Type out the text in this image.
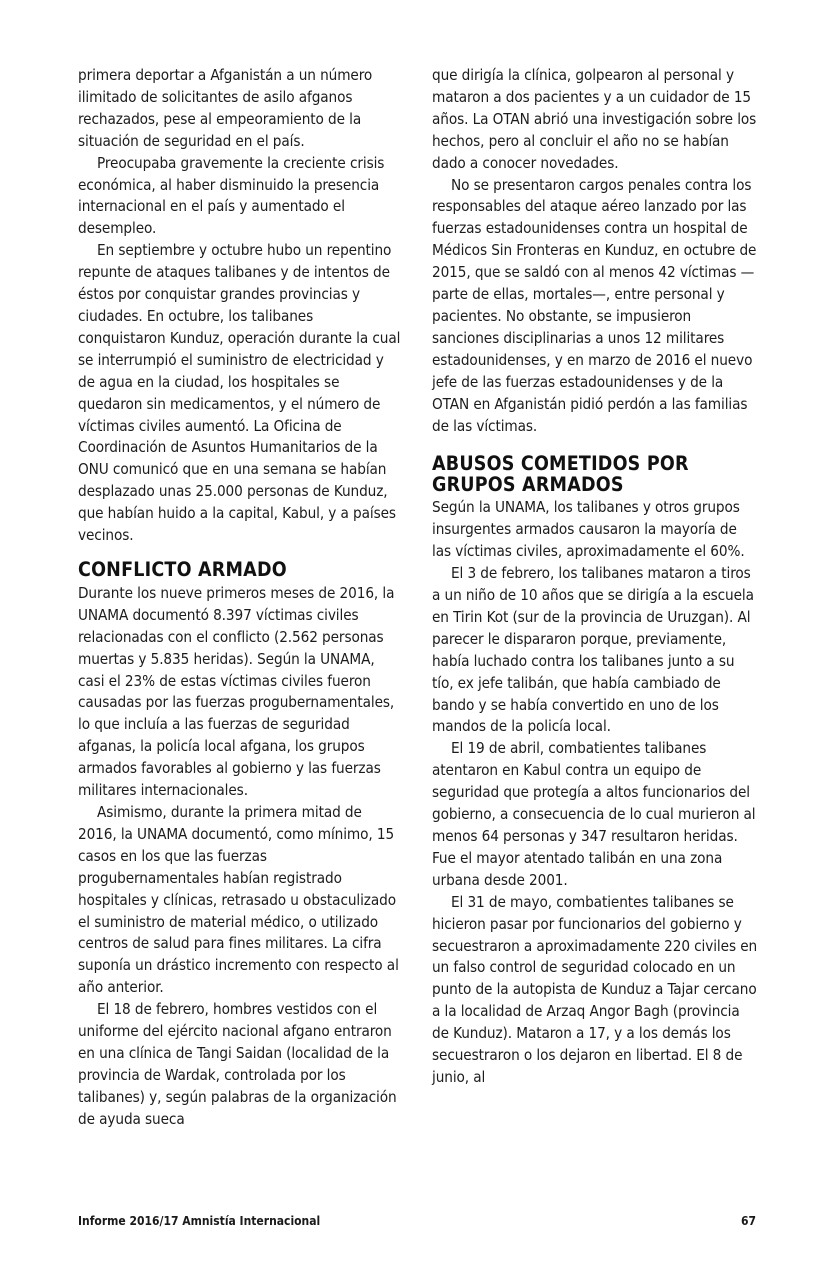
primera deportar a Afganistán a un número ilimitado de solicitantes de asilo afganos rechazados, pese al empeoramiento de la situación de seguridad en el país.

Preocupaba gravemente la creciente crisis económica, al haber disminuido la presencia internacional en el país y aumentado el desempleo.

En septiembre y octubre hubo un repentino repunte de ataques talibanes y de intentos de éstos por conquistar grandes provincias y ciudades. En octubre, los talibanes conquistaron Kunduz, operación durante la cual se interrumpió el suministro de electricidad y de agua en la ciudad, los hospitales se quedaron sin medicamentos, y el número de víctimas civiles aumentó. La Oficina de Coordinación de Asuntos Humanitarios de la ONU comunicó que en una semana se habían desplazado unas 25.000 personas de Kunduz, que habían huido a la capital, Kabul, y a países vecinos.

CONFLICTO ARMADO

Durante los nueve primeros meses de 2016, la UNAMA documentó 8.397 víctimas civiles relacionadas con el conflicto (2.562 personas muertas y 5.835 heridas). Según la UNAMA, casi el 23% de estas víctimas civiles fueron causadas por las fuerzas progubernamentales, lo que incluía a las fuerzas de seguridad afganas, la policía local afgana, los grupos armados favorables al gobierno y las fuerzas militares internacionales.

Asimismo, durante la primera mitad de 2016, la UNAMA documentó, como mínimo, 15 casos en los que las fuerzas progubernamentales habían registrado hospitales y clínicas, retrasado u obstaculizado el suministro de material médico, o utilizado centros de salud para fines militares. La cifra suponía un drástico incremento con respecto al año anterior.

El 18 de febrero, hombres vestidos con el uniforme del ejército nacional afgano entraron en una clínica de Tangi Saidan (localidad de la provincia de Wardak, controlada por los talibanes) y, según palabras de la organización de ayuda sueca

que dirigía la clínica, golpearon al personal y mataron a dos pacientes y a un cuidador de 15 años. La OTAN abrió una investigación sobre los hechos, pero al concluir el año no se habían dado a conocer novedades.

No se presentaron cargos penales contra los responsables del ataque aéreo lanzado por las fuerzas estadounidenses contra un hospital de Médicos Sin Fronteras en Kunduz, en octubre de 2015, que se saldó con al menos 42 víctimas —parte de ellas, mortales—, entre personal y pacientes. No obstante, se impusieron sanciones disciplinarias a unos 12 militares estadounidenses, y en marzo de 2016 el nuevo jefe de las fuerzas estadounidenses y de la OTAN en Afganistán pidió perdón a las familias de las víctimas.

ABUSOS COMETIDOS POR GRUPOS ARMADOS

Según la UNAMA, los talibanes y otros grupos insurgentes armados causaron la mayoría de las víctimas civiles, aproximadamente el 60%.

El 3 de febrero, los talibanes mataron a tiros a un niño de 10 años que se dirigía a la escuela en Tirin Kot (sur de la provincia de Uruzgan). Al parecer le dispararon porque, previamente, había luchado contra los talibanes junto a su tío, ex jefe talibán, que había cambiado de bando y se había convertido en uno de los mandos de la policía local.

El 19 de abril, combatientes talibanes atentaron en Kabul contra un equipo de seguridad que protegía a altos funcionarios del gobierno, a consecuencia de lo cual murieron al menos 64 personas y 347 resultaron heridas. Fue el mayor atentado talibán en una zona urbana desde 2001.

El 31 de mayo, combatientes talibanes se hicieron pasar por funcionarios del gobierno y secuestraron a aproximadamente 220 civiles en un falso control de seguridad colocado en un punto de la autopista de Kunduz a Tajar cercano a la localidad de Arzaq Angor Bagh (provincia de Kunduz). Mataron a 17, y a los demás los secuestraron o los dejaron en libertad. El 8 de junio, al

Informe 2016/17 Amnistía Internacional	67
